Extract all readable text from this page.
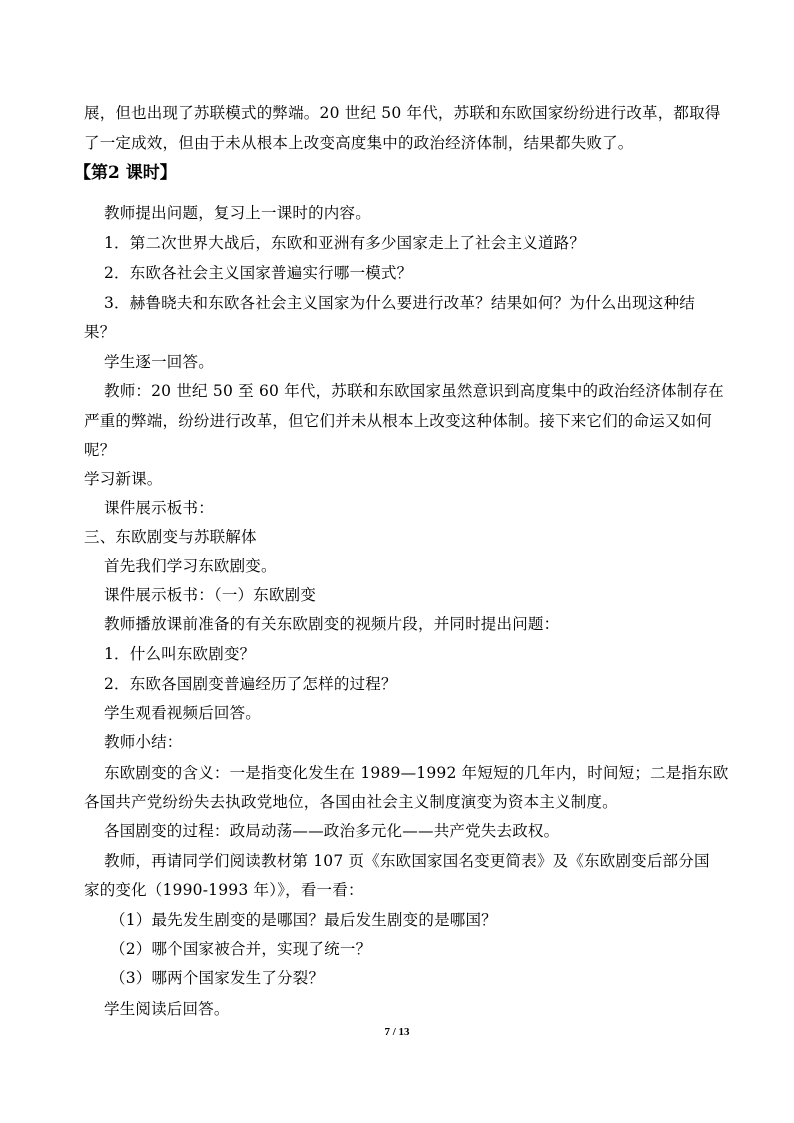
展，但也出现了苏联模式的弊端。20 世纪 50 年代，苏联和东欧国家纷纷进行改革，都取得
了一定成效，但由于未从根本上改变高度集中的政治经济体制，结果都失败了。
【第2 课时】
教师提出问题，复习上一课时的内容。
1．第二次世界大战后，东欧和亚洲有多少国家走上了社会主义道路？
2．东欧各社会主义国家普遍实行哪一模式？
3．赫鲁晓夫和东欧各社会主义国家为什么要进行改革？结果如何？为什么出现这种结
果？
学生逐一回答。
教师：20 世纪 50 至 60 年代，苏联和东欧国家虽然意识到高度集中的政治经济体制存在
严重的弊端，纷纷进行改革，但它们并未从根本上改变这种体制。接下来它们的命运又如何
呢？
学习新课。
课件展示板书：
三、东欧剧变与苏联解体
首先我们学习东欧剧变。
课件展示板书：（一）东欧剧变
教师播放课前准备的有关东欧剧变的视频片段，并同时提出问题：
1．什么叫东欧剧变？
2．东欧各国剧变普遍经历了怎样的过程？
学生观看视频后回答。
教师小结：
东欧剧变的含义：一是指变化发生在 1989—1992 年短短的几年内，时间短；二是指东欧
各国共产党纷纷失去执政党地位，各国由社会主义制度演变为资本主义制度。
各国剧变的过程：政局动荡——政治多元化——共产党失去政权。
教师，再请同学们阅读教材第 107 页《东欧国家国名变更简表》及《东欧剧变后部分国
家的变化（1990-1993 年）》，看一看：
（1）最先发生剧变的是哪国？最后发生剧变的是哪国？
（2）哪个国家被合并，实现了统一？
（3）哪两个国家发生了分裂？
学生阅读后回答。
7 / 13
